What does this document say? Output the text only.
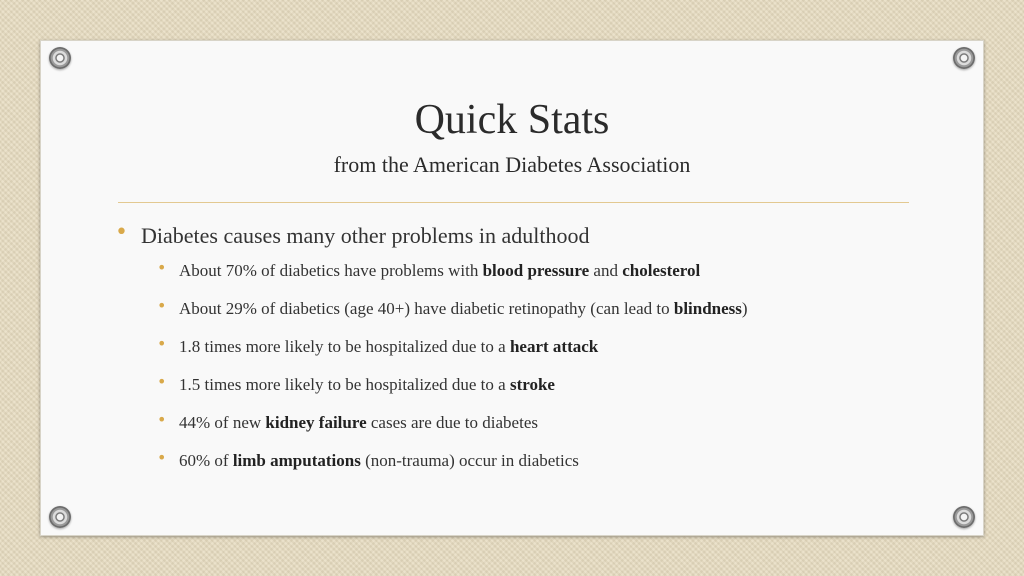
Quick Stats
from the American Diabetes Association
• Diabetes causes many other problems in adulthood
• About 70% of diabetics have problems with blood pressure and cholesterol
• About 29% of diabetics (age 40+) have diabetic retinopathy (can lead to blindness)
• 1.8 times more likely to be hospitalized due to a heart attack
• 1.5 times more likely to be hospitalized due to a stroke
• 44% of new kidney failure cases are due to diabetes
• 60% of limb amputations (non-trauma) occur in diabetics
